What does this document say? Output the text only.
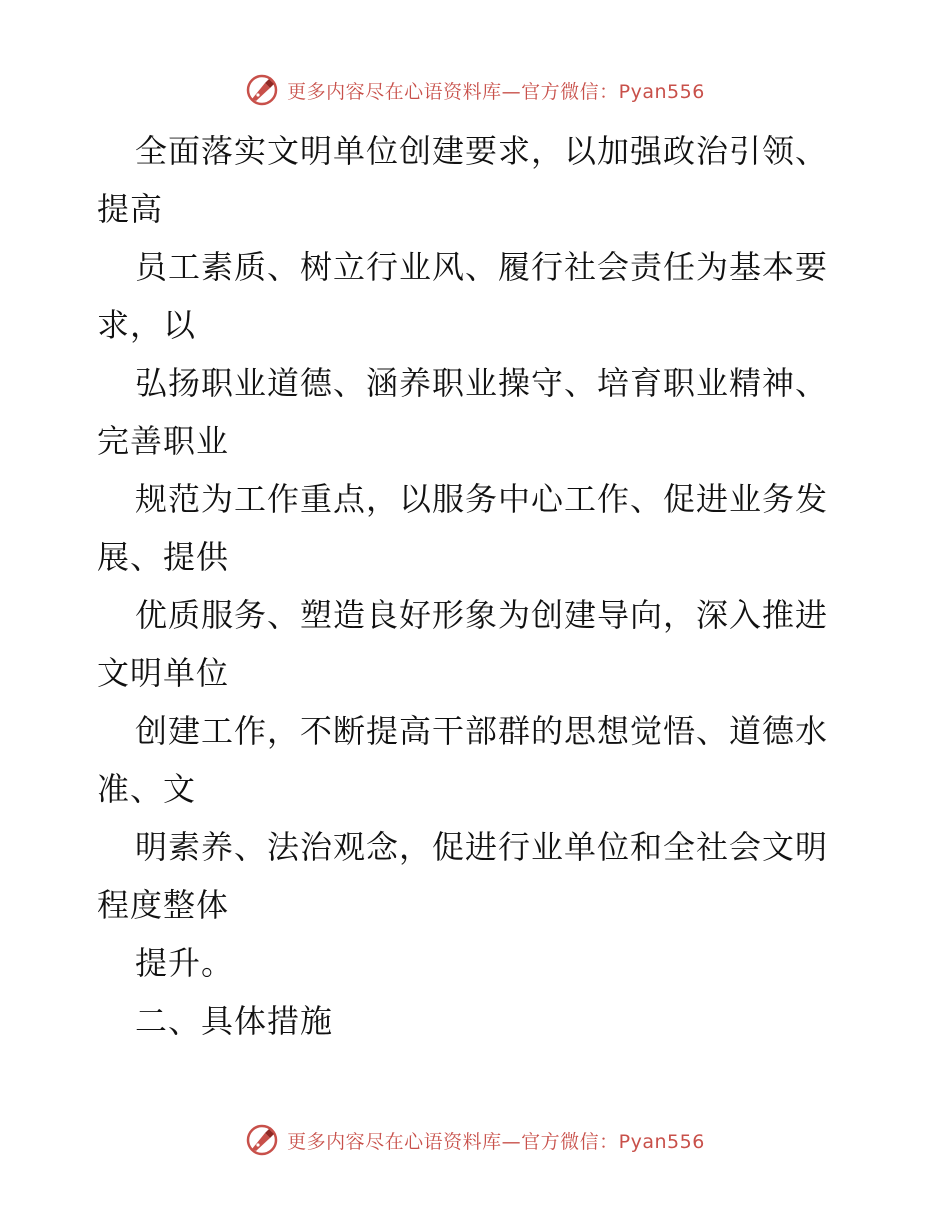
更多内容尽在心语资料库—官方微信：Pyan556
全面落实文明单位创建要求，以加强政治引领、
提高
员工素质、树立行业风、履行社会责任为基本要
求，以
弘扬职业道德、涵养职业操守、培育职业精神、
完善职业
规范为工作重点，以服务中心工作、促进业务发
展、提供
优质服务、塑造良好形象为创建导向，深入推进
文明单位
创建工作，不断提高干部群的思想觉悟、道德水
准、文
明素养、法治观念，促进行业单位和全社会文明
程度整体
提升。
二、具体措施
更多内容尽在心语资料库—官方微信：Pyan556
